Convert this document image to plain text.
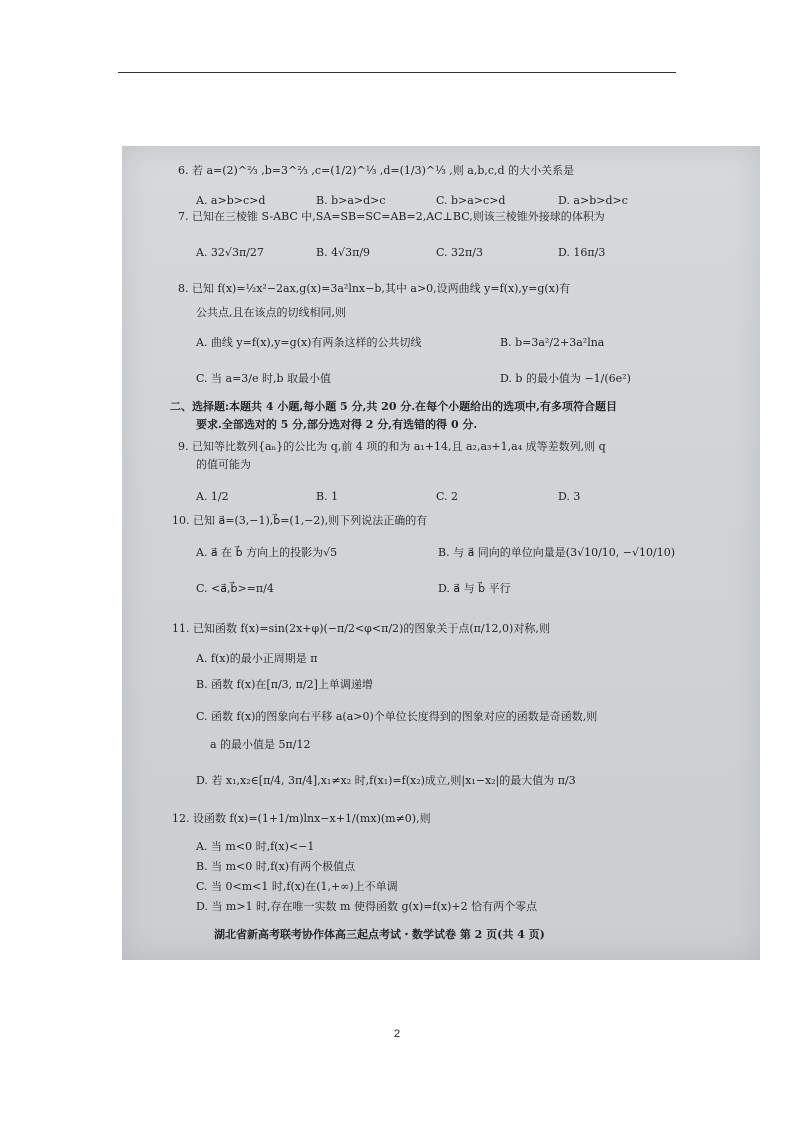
6. 若 a=(2)^⅔ ,b=3^⅔ ,c=(1/2)^⅓ ,d=(1/3)^⅓ ,则 a,b,c,d 的大小关系是
A. a>b>c>d	B. b>a>d>c	C. b>a>c>d	D. a>b>d>c
7. 已知在三棱锥 S-ABC 中,SA=SB=SC=AB=2,AC⊥BC,则该三棱锥外接球的体积为
A. 32√3π/27	B. 4√3π/9	C. 32π/3	D. 16π/3
8. 已知 f(x)=½x²−2ax,g(x)=3a²lnx−b,其中 a>0,设两曲线 y=f(x),y=g(x)有
公共点,且在该点的切线相同,则
A. 曲线 y=f(x),y=g(x)有两条这样的公共切线	B. b=3a²/2+3a²lna
C. 当 a=3/e 时,b 取最小值	D. b 的最小值为 −1/(6e²)
二、选择题:本题共 4 小题,每小题 5 分,共 20 分.在每个小题给出的选项中,有多项符合题目
要求.全部选对的 5 分,部分选对得 2 分,有选错的得 0 分.
9. 已知等比数列{aₙ}的公比为 q,前 4 项的和为 a₁+14,且 a₂,a₃+1,a₄ 成等差数列,则 q
的值可能为
A. 1/2	B. 1	C. 2	D. 3
10. 已知 a⃗=(3,−1),b⃗=(1,−2),则下列说法正确的有
A. a⃗ 在 b⃗ 方向上的投影为√5	B. 与 a⃗ 同向的单位向量是(3√10/10, −√10/10)
C. <a⃗,b⃗>=π/4	D. a⃗ 与 b⃗ 平行
11. 已知函数 f(x)=sin(2x+φ)(−π/2<φ<π/2)的图象关于点(π/12,0)对称,则
A. f(x)的最小正周期是 π
B. 函数 f(x)在[π/3, π/2]上单调递增
C. 函数 f(x)的图象向右平移 a(a>0)个单位长度得到的图象对应的函数是奇函数,则
a 的最小值是 5π/12
D. 若 x₁,x₂∈[π/4, 3π/4],x₁≠x₂ 时,f(x₁)=f(x₂)成立,则|x₁−x₂|的最大值为 π/3
12. 设函数 f(x)=(1+1/m)lnx−x+1/(mx)(m≠0),则
A. 当 m<0 时,f(x)<−1
B. 当 m<0 时,f(x)有两个极值点
C. 当 0<m<1 时,f(x)在(1,+∞)上不单调
D. 当 m>1 时,存在唯一实数 m 使得函数 g(x)=f(x)+2 恰有两个零点
湖北省新高考联考协作体高三起点考试・数学试卷 第 2 页(共 4 页)
2
